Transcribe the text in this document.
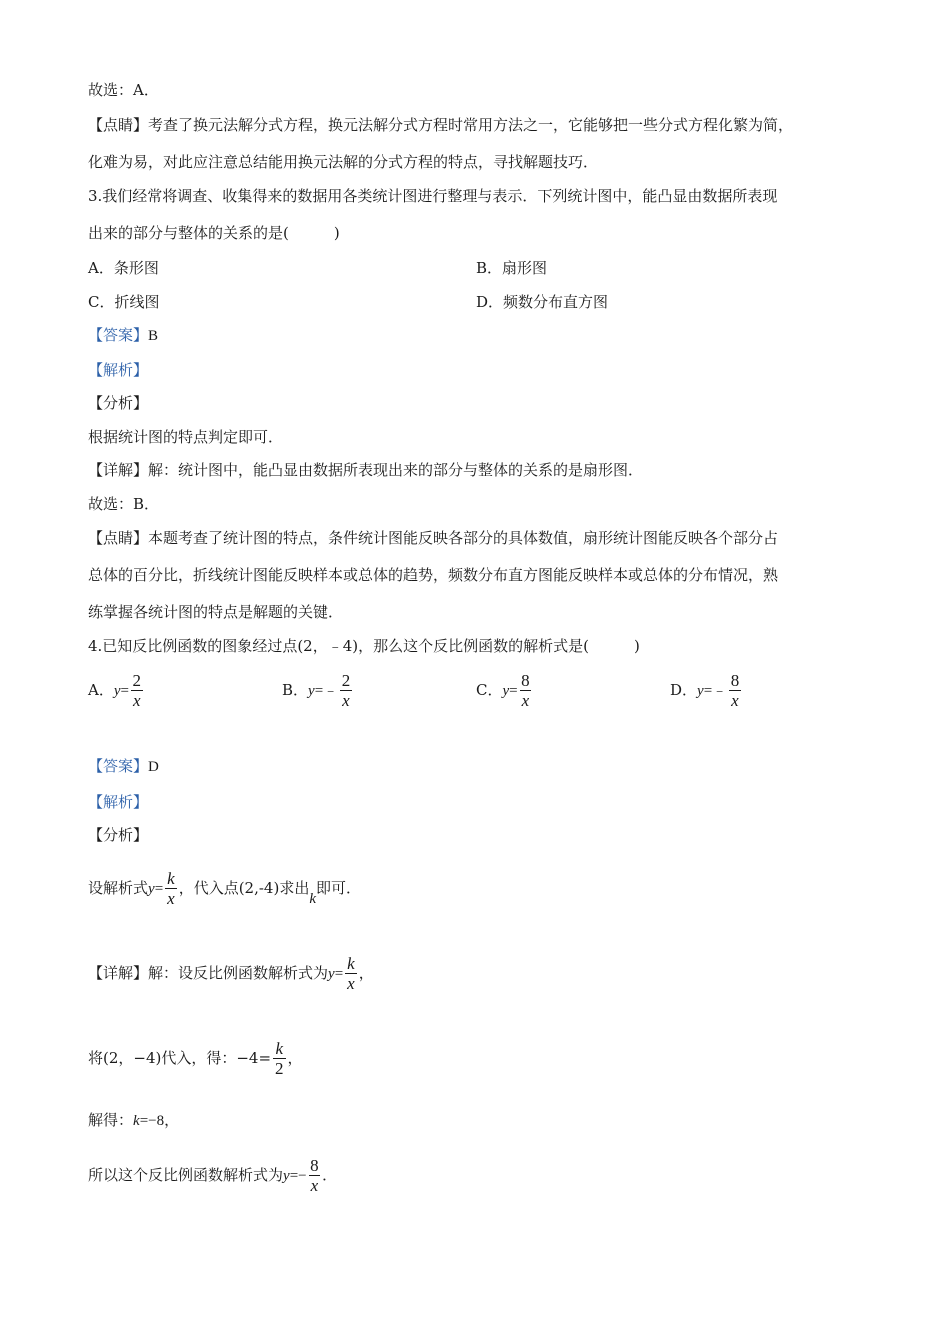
故选：A．
【点睛】考查了换元法解分式方程，换元法解分式方程时常用方法之一，它能够把一些分式方程化繁为简，
化难为易，对此应注意总结能用换元法解的分式方程的特点，寻找解题技巧．
3.我们经常将调查、收集得来的数据用各类统计图进行整理与表示．下列统计图中，能凸显由数据所表现
出来的部分与整体的关系的是(　　　)
A．条形图	B．扇形图
C．折线图	D．频数分布直方图
【答案】B
【解析】
【分析】
根据统计图的特点判定即可．
【详解】解：统计图中，能凸显由数据所表现出来的部分与整体的关系的是扇形图．
故选：B．
【点睛】本题考查了统计图的特点，条件统计图能反映各部分的具体数值，扇形统计图能反映各个部分占
总体的百分比，折线统计图能反映样本或总体的趋势，频数分布直方图能反映样本或总体的分布情况，熟
练掌握各统计图的特点是解题的关键．
4.已知反比例函数的图象经过点(2，﹣4)，那么这个反比例函数的解析式是(　　　)
A．$y= \frac{2}{x}$	B．y=﹣ $\frac{2}{x}$	C．$y= \frac{8}{x}$	D．y=﹣ $\frac{8}{x}$
【答案】D
【解析】
【分析】
设解析式$y= \frac{k}{x}$ ，代入点(2,-4)求出k即可．
【详解】解：设反比例函数解析式为$y= \frac{k}{x}$ ，
将(2，−4)代入，得：$-4= \frac{k}{2}$ ，
解得：k=−8，
所以这个反比例函数解析式为$y=- \frac{8}{x}$ ．
